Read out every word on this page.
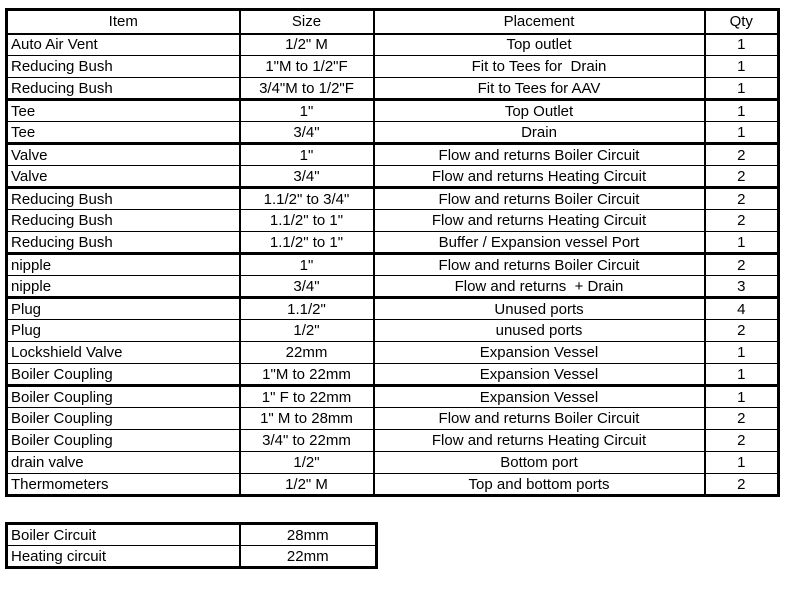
Item	Size	Placement	Qty
Auto Air Vent	1/2" M	Top outlet	1
Reducing Bush	1"M to 1/2"F	Fit to Tees for  Drain	1
Reducing Bush	3/4"M to 1/2"F	Fit to Tees for AAV	1
Tee	1"	Top Outlet	1
Tee	3/4"	Drain	1
Valve	1"	Flow and returns Boiler Circuit	2
Valve	3/4"	Flow and returns Heating Circuit	2
Reducing Bush	1.1/2" to 3/4"	Flow and returns Boiler Circuit	2
Reducing Bush	1.1/2" to 1"	Flow and returns Heating Circuit	2
Reducing Bush	1.1/2" to 1"	Buffer / Expansion vessel Port	1
nipple	1"	Flow and returns Boiler Circuit	2
nipple	3/4"	Flow and returns  + Drain	3
Plug	1.1/2"	Unused ports	4
Plug	1/2"	unused ports	2
Lockshield Valve	22mm	Expansion Vessel	1
Boiler Coupling	1"M to 22mm	Expansion Vessel	1
Boiler Coupling	1" F to 22mm	Expansion Vessel	1
Boiler Coupling	1" M to 28mm	Flow and returns Boiler Circuit	2
Boiler Coupling	3/4" to 22mm	Flow and returns Heating Circuit	2
drain valve	1/2"	Bottom port	1
Thermometers	1/2" M	Top and bottom ports	2
Boiler Circuit	28mm
Heating circuit	22mm
